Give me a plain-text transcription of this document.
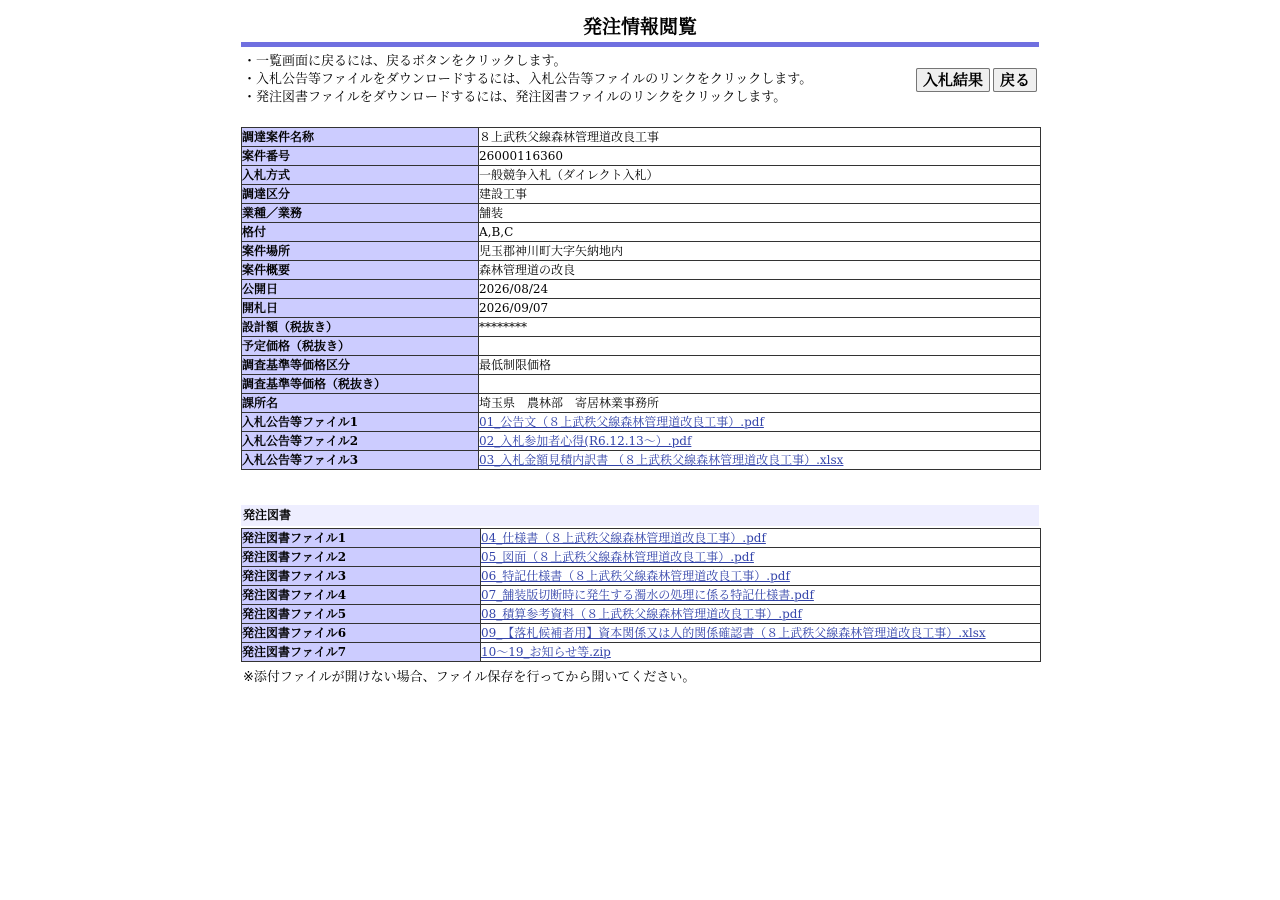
発注情報閲覧
・一覧画面に戻るには、戻るボタンをクリックします。
・入札公告等ファイルをダウンロードするには、入札公告等ファイルのリンクをクリックします。
・発注図書ファイルをダウンロードするには、発注図書ファイルのリンクをクリックします。
入札結果	戻る
調達案件名称	８上武秩父線森林管理道改良工事
案件番号	26000116360
入札方式	一般競争入札（ダイレクト入札）
調達区分	建設工事
業種／業務	舗装
格付	A,B,C
案件場所	児玉郡神川町大字矢納地内
案件概要	森林管理道の改良
公開日	2026/08/24
開札日	2026/09/07
設計額（税抜き）	********
予定価格（税抜き）	
調査基準等価格区分	最低制限価格
調査基準等価格（税抜き）	
課所名	埼玉県　農林部　寄居林業事務所
入札公告等ファイル1	01_公告文（８上武秩父線森林管理道改良工事）.pdf
入札公告等ファイル2	02_入札参加者心得(R6.12.13～）.pdf
入札公告等ファイル3	03_入札金額見積内訳書 （８上武秩父線森林管理道改良工事）.xlsx
発注図書
発注図書ファイル1	04_仕様書（８上武秩父線森林管理道改良工事）.pdf
発注図書ファイル2	05_図面（８上武秩父線森林管理道改良工事）.pdf
発注図書ファイル3	06_特記仕様書（８上武秩父線森林管理道改良工事）.pdf
発注図書ファイル4	07_舗装版切断時に発生する濁水の処理に係る特記仕様書.pdf
発注図書ファイル5	08_積算参考資料（８上武秩父線森林管理道改良工事）.pdf
発注図書ファイル6	09_【落札候補者用】資本関係又は人的関係確認書（８上武秩父線森林管理道改良工事）.xlsx
発注図書ファイル7	10～19_お知らせ等.zip
※添付ファイルが開けない場合、ファイル保存を行ってから開いてください。
